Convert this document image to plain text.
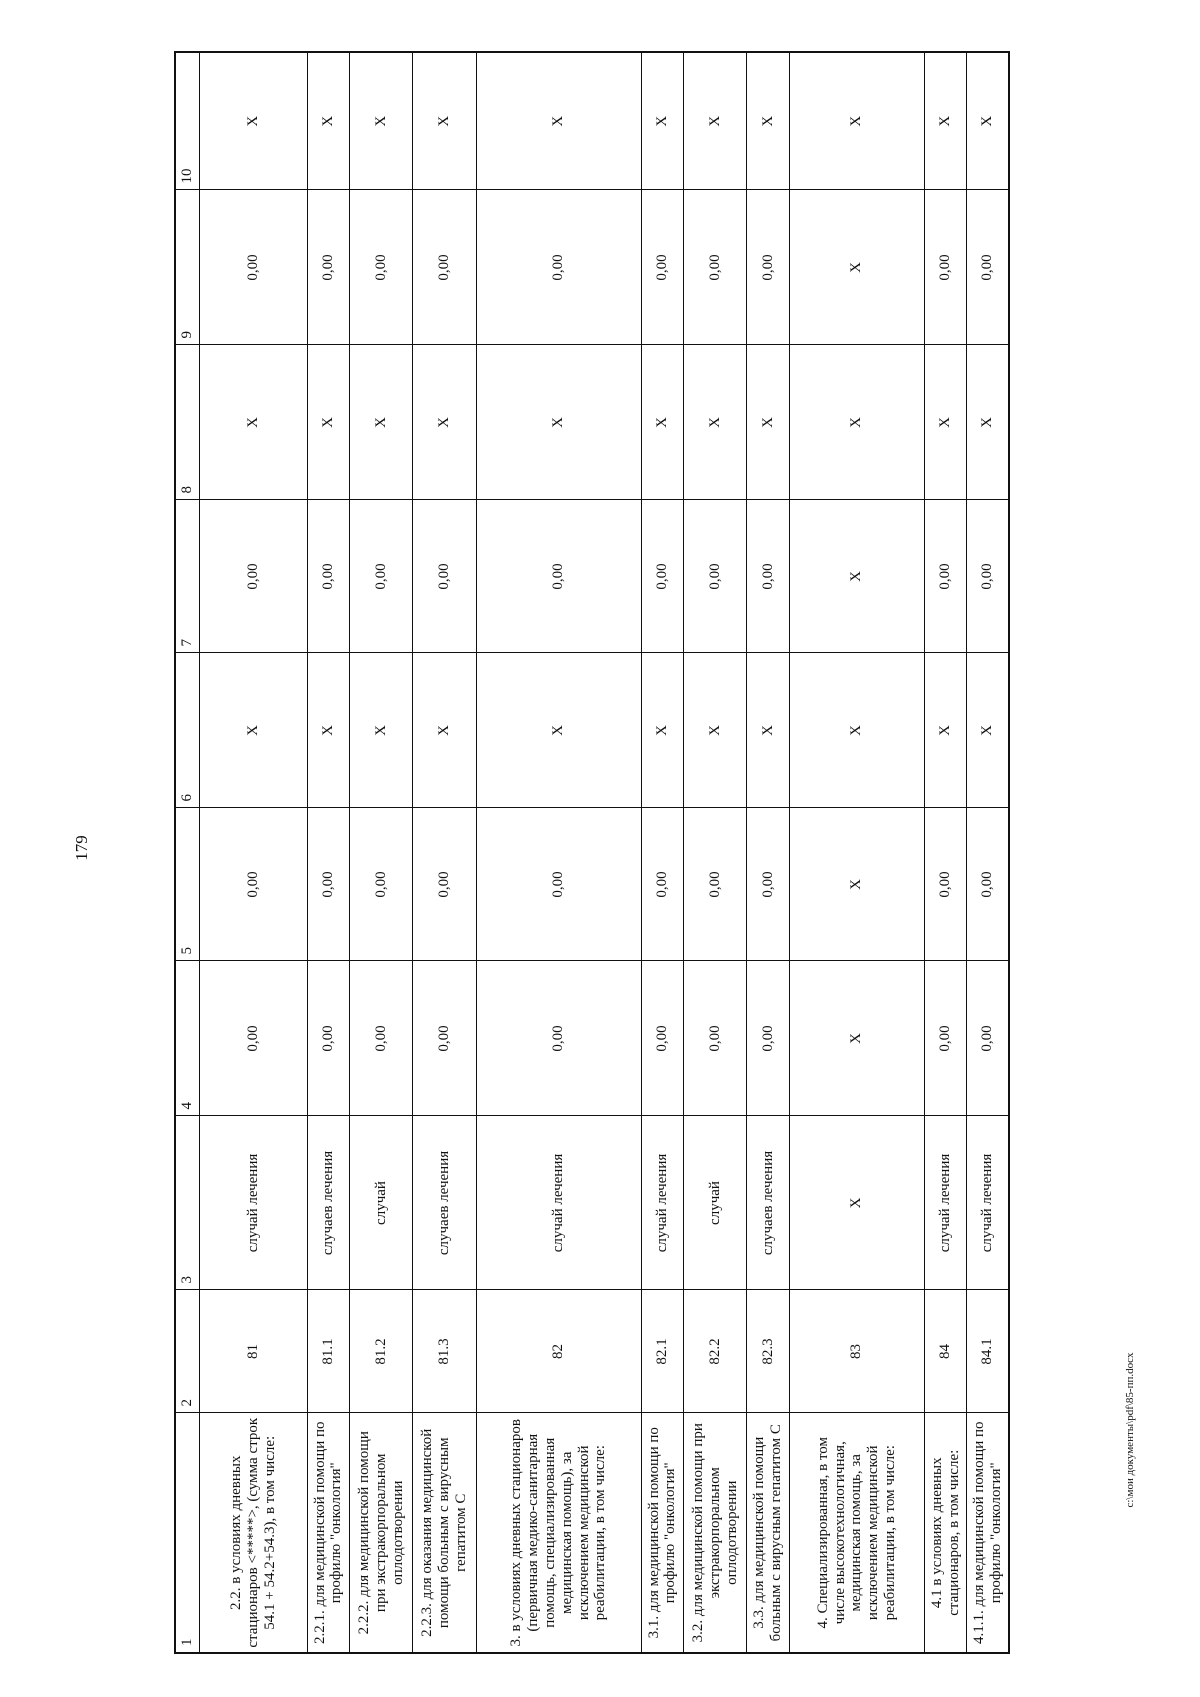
179
1	2	3	4	5	6	7	8	9	10
2.2. в условиях дневных стационаров <*****>, (сумма строк 54.1 + 54.2+54.3), в том числе:	81	случай лечения	0,00	0,00	X	0,00	X	0,00	X
2.2.1. для медицинской помощи по профилю "онкология"	81.1	случаев лечения	0,00	0,00	X	0,00	X	0,00	X
2.2.2. для медицинской помощи при экстракорпоральном оплодотворении	81.2	случай	0,00	0,00	X	0,00	X	0,00	X
2.2.3. для оказания медицинской помощи больным с вирусным гепатитом С	81.3	случаев лечения	0,00	0,00	X	0,00	X	0,00	X
3. в условиях дневных стационаров (первичная медико-санитарная помощь, специализированная медицинская помощь), за исключением медицинской реабилитации, в том числе:	82	случай лечения	0,00	0,00	X	0,00	X	0,00	X
3.1. для медицинской помощи по профилю "онкология"	82.1	случай лечения	0,00	0,00	X	0,00	X	0,00	X
3.2. для медицинской помощи при экстракорпоральном оплодотворении	82.2	случай	0,00	0,00	X	0,00	X	0,00	X
3.3. для медицинской помощи больным с вирусным гепатитом С	82.3	случаев лечения	0,00	0,00	X	0,00	X	0,00	X
4. Специализированная, в том числе высокотехнологичная, медицинская помощь, за исключением медицинской реабилитации, в том числе:	83	X	X	X	X	X	X	X	X
4.1 в условиях дневных стационаров, в том числе:	84	случай лечения	0,00	0,00	X	0,00	X	0,00	X
4.1.1. для медицинской помощи по профилю "онкология"	84.1	случай лечения	0,00	0,00	X	0,00	X	0,00	X
c:\мои документы\pdf\85-пп.docx
